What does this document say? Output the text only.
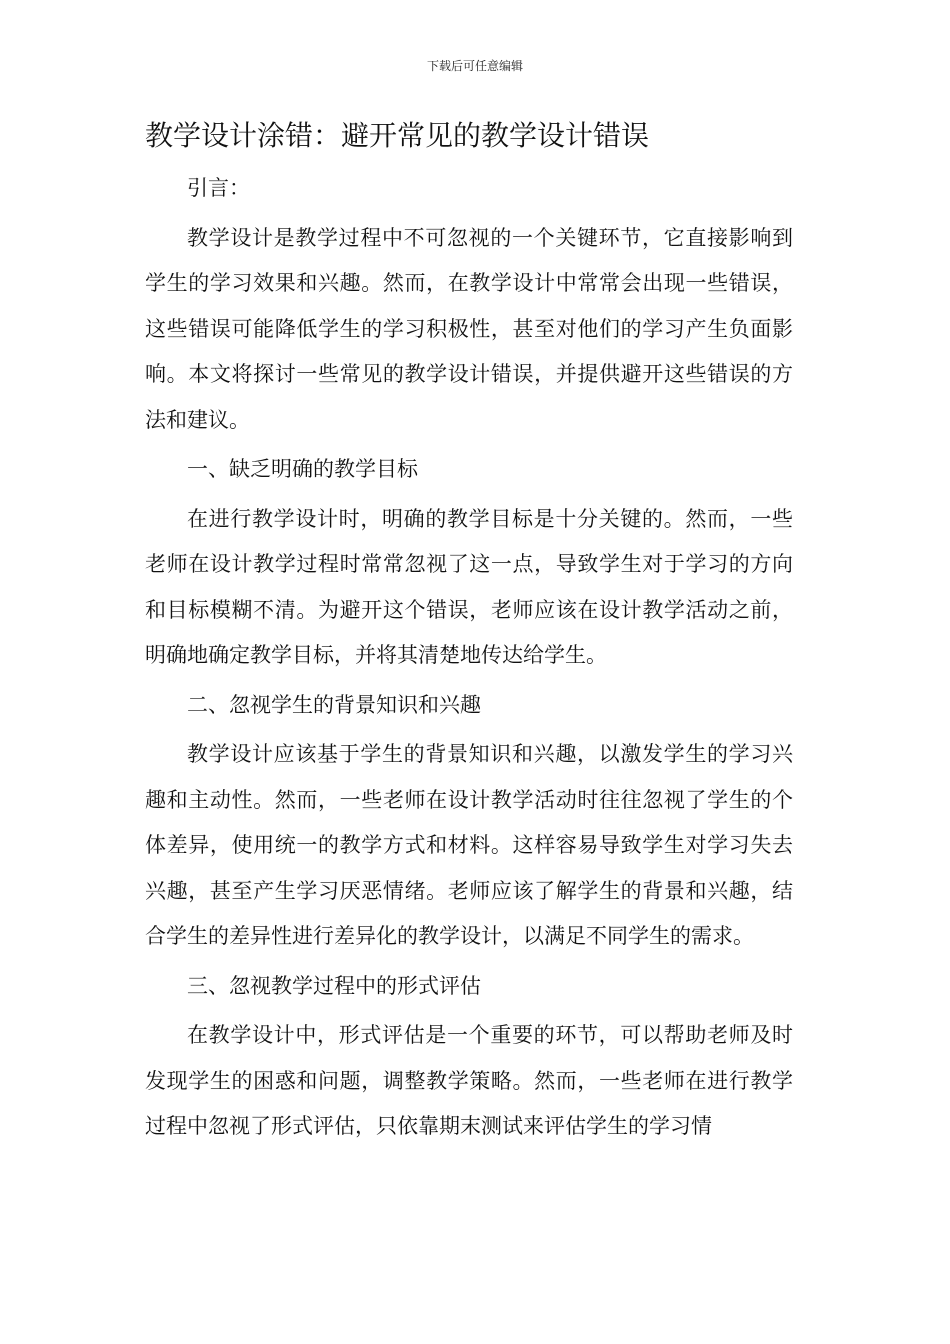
下载后可任意编辑
教学设计涂错：避开常见的教学设计错误

引言：

教学设计是教学过程中不可忽视的一个关键环节，它直接影响到学生的学习效果和兴趣。然而，在教学设计中常常会出现一些错误，这些错误可能降低学生的学习积极性，甚至对他们的学习产生负面影响。本文将探讨一些常见的教学设计错误，并提供避开这些错误的方法和建议。

一、缺乏明确的教学目标

在进行教学设计时，明确的教学目标是十分关键的。然而，一些老师在设计教学过程时常常忽视了这一点，导致学生对于学习的方向和目标模糊不清。为避开这个错误，老师应该在设计教学活动之前，明确地确定教学目标，并将其清楚地传达给学生。

二、忽视学生的背景知识和兴趣

教学设计应该基于学生的背景知识和兴趣，以激发学生的学习兴趣和主动性。然而，一些老师在设计教学活动时往往忽视了学生的个体差异，使用统一的教学方式和材料。这样容易导致学生对学习失去兴趣，甚至产生学习厌恶情绪。老师应该了解学生的背景和兴趣，结合学生的差异性进行差异化的教学设计，以满足不同学生的需求。

三、忽视教学过程中的形式评估

在教学设计中，形式评估是一个重要的环节，可以帮助老师及时发现学生的困惑和问题，调整教学策略。然而，一些老师在进行教学过程中忽视了形式评估，只依靠期末测试来评估学生的学习情
